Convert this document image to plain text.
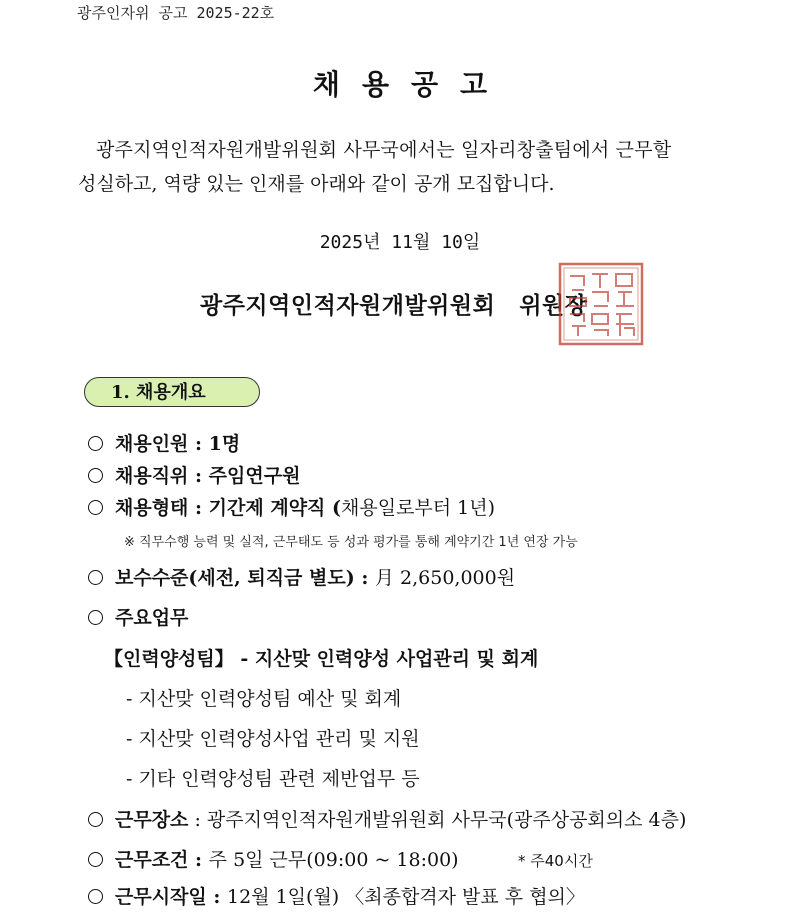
광주인자위 공고 2025-22호
채용공고
광주지역인적자원개발위원회 사무국에서는 일자리창출팀에서 근무할
성실하고, 역량 있는 인재를 아래와 같이 공개 모집합니다.
2025년 11월 10일
광주지역인적자원개발위원회 위원장
1. 채용개요
채용인원 : 1명
채용직위 : 주임연구원
채용형태 : 기간제 계약직 (채용일로부터 1년)
※ 직무수행 능력 및 실적, 근무태도 등 성과 평가를 통해 계약기간 1년 연장 가능
보수수준(세전, 퇴직금 별도) : 月 2,650,000원
주요업무
【인력양성팀】 - 지산맞 인력양성 사업관리 및 회계
- 지산맞 인력양성팀 예산 및 회계
- 지산맞 인력양성사업 관리 및 지원
- 기타 인력양성팀 관련 제반업무 등
근무장소 : 광주지역인적자원개발위원회 사무국(광주상공회의소 4층)
근무조건 : 주 5일 근무(09:00 ~ 18:00)	* 주40시간
근무시작일 : 12월 1일(월) 〈최종합격자 발표 후 협의〉
